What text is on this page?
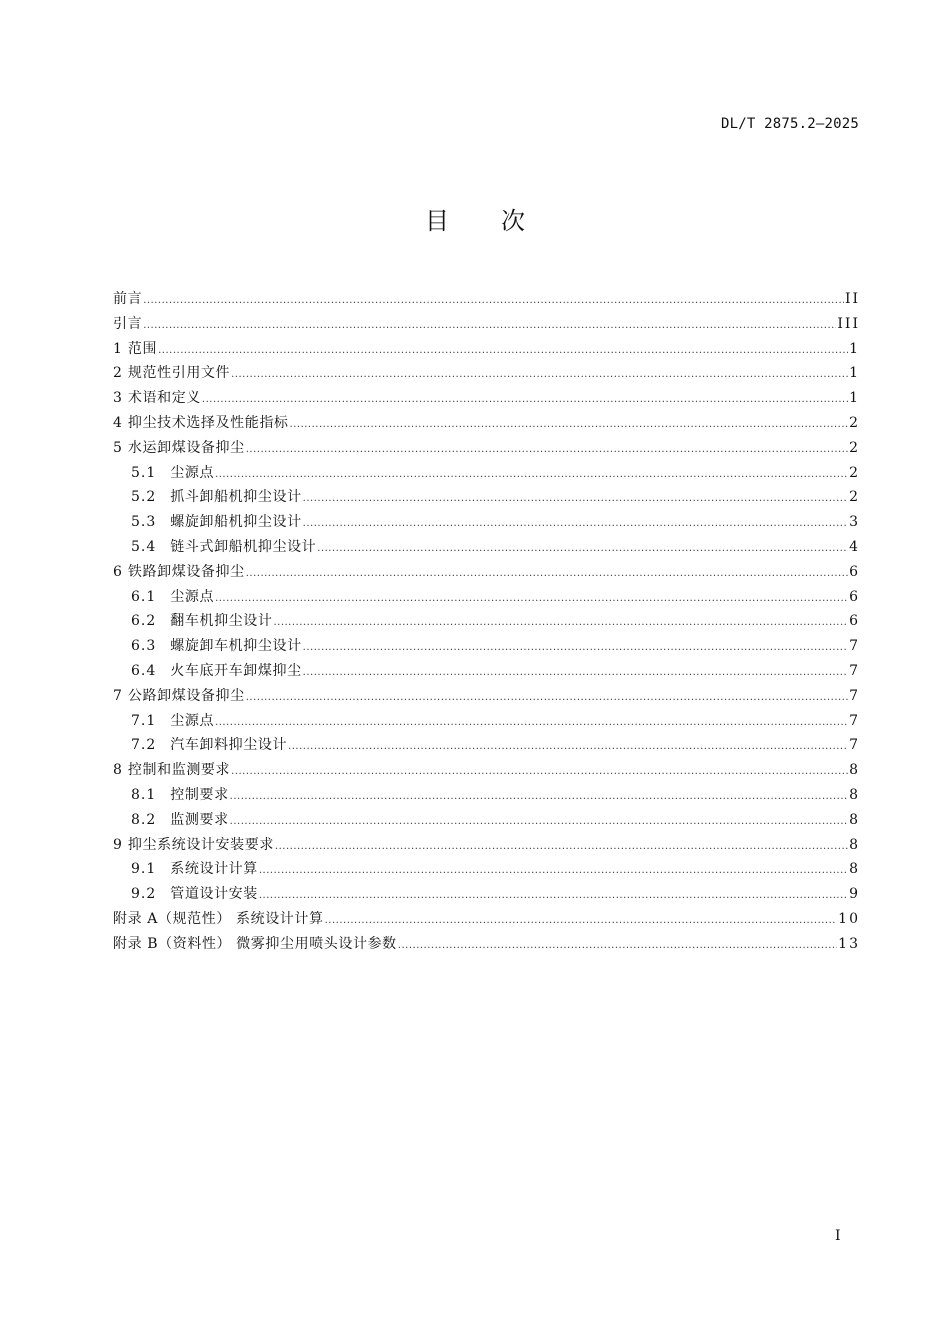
DL/T 2875.2—2025
目次
前言 .....	II
引言 .....	III
1 范围 .....	1
2 规范性引用文件 .....	1
3 术语和定义 .....	1
4 抑尘技术选择及性能指标 .....	2
5 水运卸煤设备抑尘 .....	2
5.1 尘源点 .....	2
5.2 抓斗卸船机抑尘设计 .....	2
5.3 螺旋卸船机抑尘设计 .....	3
5.4 链斗式卸船机抑尘设计 .....	4
6 铁路卸煤设备抑尘 .....	6
6.1 尘源点 .....	6
6.2 翻车机抑尘设计 .....	6
6.3 螺旋卸车机抑尘设计 .....	7
6.4 火车底开车卸煤抑尘 .....	7
7 公路卸煤设备抑尘 .....	7
7.1 尘源点 .....	7
7.2 汽车卸料抑尘设计 .....	7
8 控制和监测要求 .....	8
8.1 控制要求 .....	8
8.2 监测要求 .....	8
9 抑尘系统设计安装要求 .....	8
9.1 系统设计计算 .....	8
9.2 管道设计安装 .....	9
附录 A（规范性） 系统设计计算 .....	10
附录 B（资料性） 微雾抑尘用喷头设计参数 .....	13
I
